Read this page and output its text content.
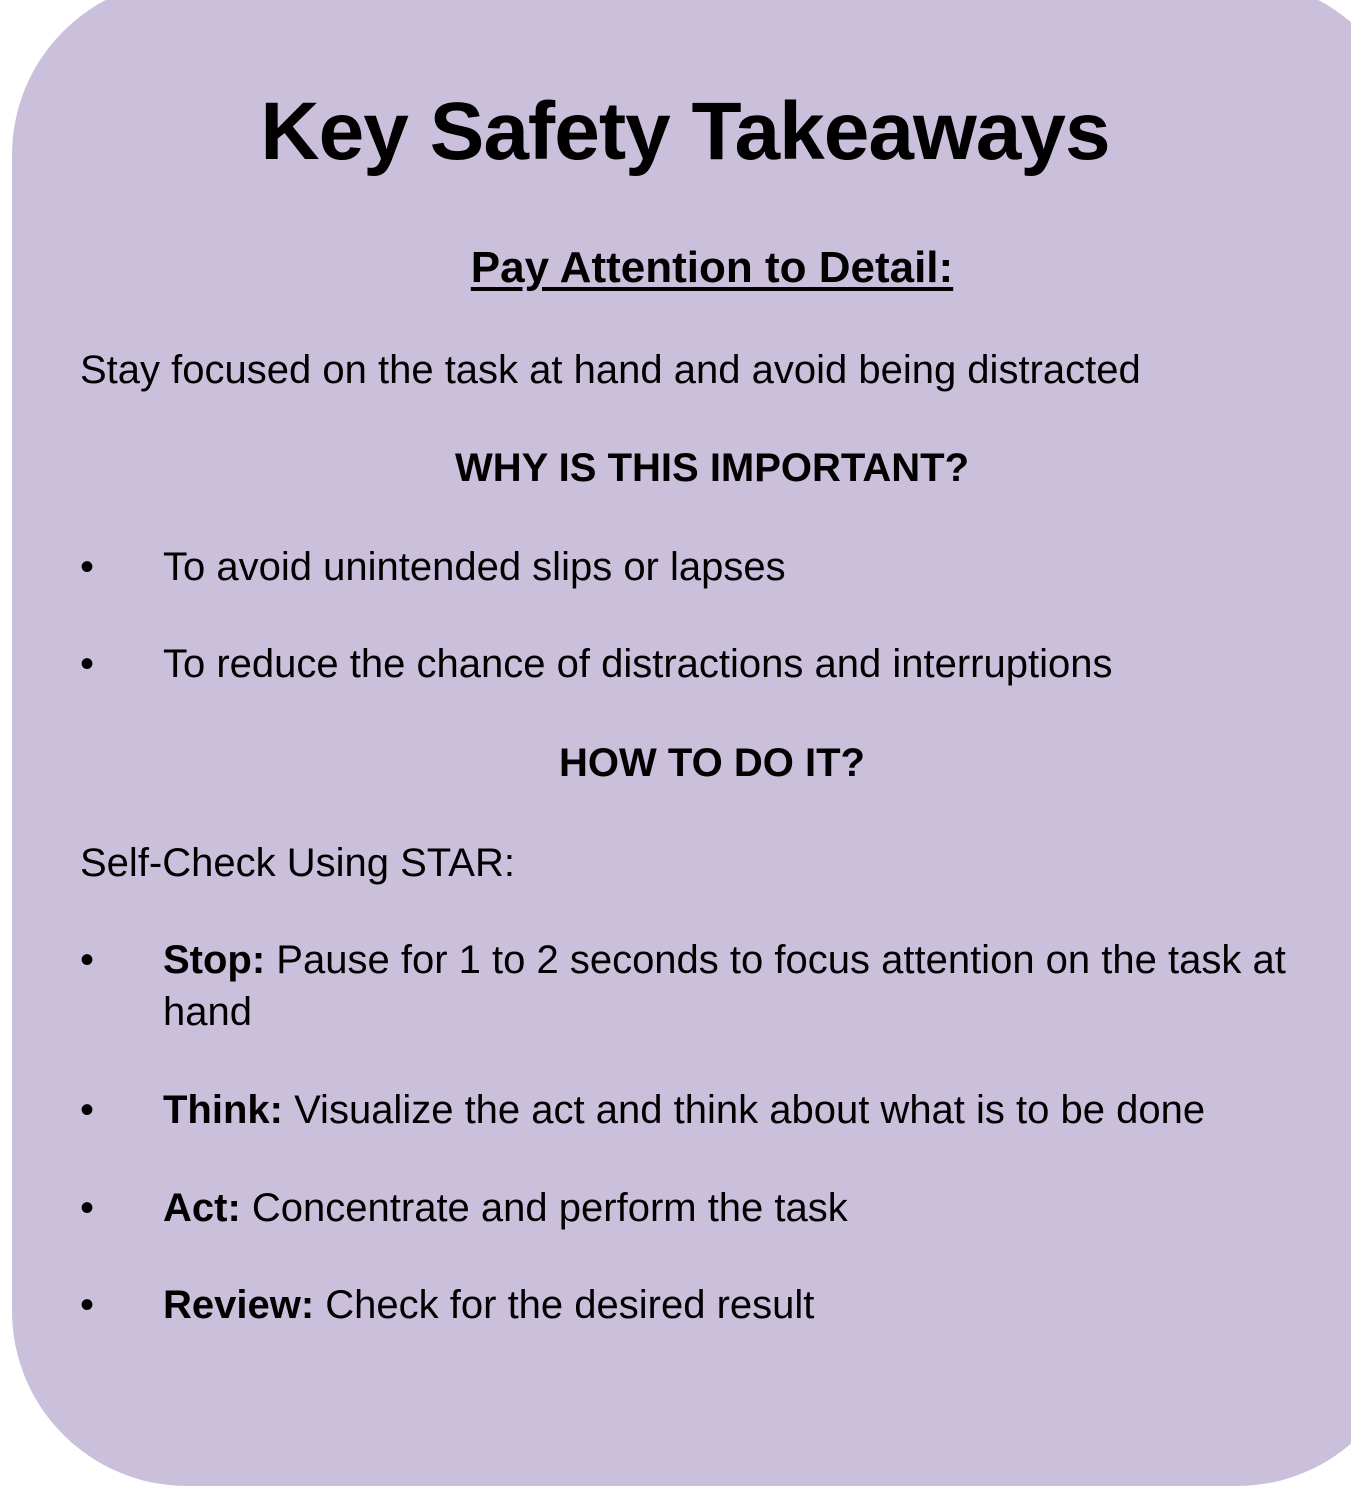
Key Safety Takeaways
Pay Attention to Detail:
Stay focused on the task at hand and avoid being distracted
WHY IS THIS IMPORTANT?
• To avoid unintended slips or lapses
• To reduce the chance of distractions and interruptions
HOW TO DO IT?
Self-Check Using STAR:
• Stop: Pause for 1 to 2 seconds to focus attention on the task at hand
• Think: Visualize the act and think about what is to be done
• Act: Concentrate and perform the task
• Review: Check for the desired result
